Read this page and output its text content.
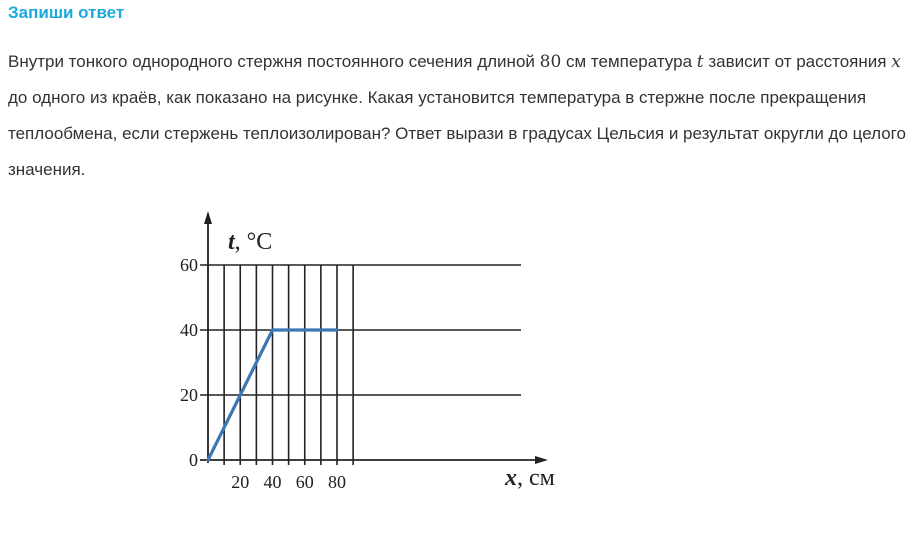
Запиши ответ
Внутри тонкого однородного стержня постоянного сечения длиной 80 см температура t зависит от расстояния x до одного из краёв, как показано на рисунке. Какая установится температура в стержне после прекращения теплообмена, если стержень теплоизолирован? Ответ вырази в градусах Цельсия и результат округли до целого значения.
20 40 60 80
0
20
40
60
t, °C
x, см
